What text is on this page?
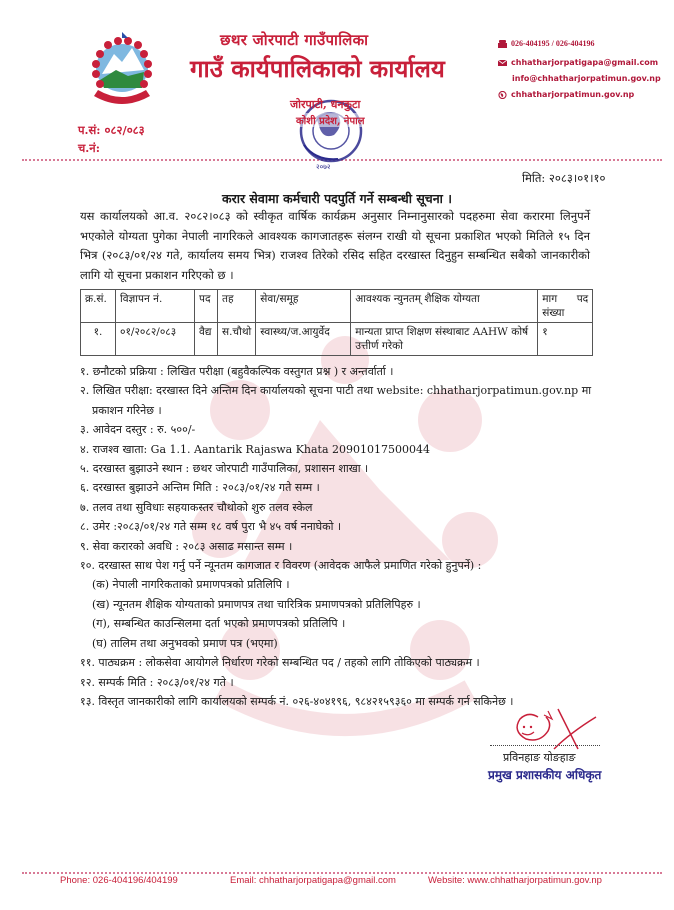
छथर जोरपाटी गाउँपालिका
गाउँ कार्यपालिकाको कार्यालय
२०७२
जोरपाटी, धनकुटा
कोशी प्रदेश, नेपाल
प.सं: ०८२/०८३
च.नं:
026-404195 / 026-404196
chhatharjorpatigapa@gmail.com
info@chhatharjorpatimun.gov.np
chhatharjorpatimun.gov.np
मिति: २०८३।०१।१०
करार सेवामा कर्मचारी पदपुर्ति गर्ने सम्बन्धी सूचना ।
यस कार्यालयको आ.व. २०८२।०८३ को स्वीकृत वार्षिक कार्यक्रम अनुसार निम्नानुसारको पदहरुमा सेवा करारमा लिनुपर्ने भएकोले योग्यता पुगेका नेपाली नागरिकले आवश्यक कागजातहरू संलग्न राखी यो सूचना प्रकाशित भएको मितिले १५ दिन भित्र (२०८३/०१/२४ गते, कार्यालय समय भित्र) राजश्व तिरेको रसिद सहित दरखास्त दिनुहुन सम्बन्धित सबैको जानकारीको लागि यो सूचना प्रकाशन गरिएको छ ।
क्र.सं.	विज्ञापन नं.	पद	तह	सेवा/समूह	आवश्यक न्युनतम् शैक्षिक योग्यता	माग पद संख्या
१.	०१/२०८२/०८३	वैद्य	स.चौथो	स्वास्थ्य/ज.आयुर्वेद	मान्यता प्राप्त शिक्षण संस्थाबाट AAHW कोर्ष उत्तीर्ण गरेको	१
१. छनौटको प्रक्रिया : लिखित परीक्षा (बहुवैकल्पिक वस्तुगत प्रश्न ) र अन्तर्वार्ता ।
२. लिखित परीक्षा: दरखास्त दिने अन्तिम दिन कार्यालयको सूचना पाटी तथा website: chhatharjorpatimun.gov.np मा
प्रकाशन गरिनेछ ।
३. आवेदन दस्तुर : रु. ५००/-
४. राजश्व खाता: Ga 1.1. Aantarik Rajaswa Khata 20901017500044
५. दरखास्त बुझाउने स्थान : छथर जोरपाटी गाउँपालिका, प्रशासन शाखा ।
६. दरखास्त बुझाउने अन्तिम मिति : २०८३/०१/२४ गते सम्म ।
७. तलव तथा सुविधाः सहयाकस्तर चौथोको शुरु तलव स्केल
८. उमेर :२०८३/०१/२४ गते सम्म १८ वर्ष पुरा भै ४५ वर्ष ननाघेको ।
९. सेवा करारको अवधि : २०८३ असाढ मसान्त सम्म ।
१०. दरखास्त साथ पेश गर्नु पर्ने न्यूनतम कागजात र विवरण (आवेदक आफैले प्रमाणित गरेको हुनुपर्ने) :
(क) नेपाली नागरिकताको प्रमाणपत्रको प्रतिलिपि ।
(ख) न्यूनतम शैक्षिक योग्यताको प्रमाणपत्र तथा चारित्रिक प्रमाणपत्रको प्रतिलिपिहरु ।
(ग), सम्बन्धित काउन्सिलमा दर्ता भएको प्रमाणपत्रको प्रतिलिपि ।
(घ) तालिम तथा अनुभवको प्रमाण पत्र (भएमा)
११. पाठ्यक्रम : लोकसेवा आयोगले निर्धारण गरेको सम्बन्धित पद / तहको लागि तोकिएको पाठ्यक्रम ।
१२. सम्पर्क मिति : २०८३/०१/२४ गते ।
१३. विस्तृत जानकारीको लागि कार्यालयको सम्पर्क नं. ०२६-४०४१९६, ९८४२१५९३६० मा सम्पर्क गर्न सकिनेछ ।
प्रविनहाङ योङहाङ
प्रमुख प्रशासकीय अधिकृत
Phone: 026-404196/404199	Email: chhatharjorpatigapa@gmail.com	Website: www.chhatharjorpatimun.gov.np
